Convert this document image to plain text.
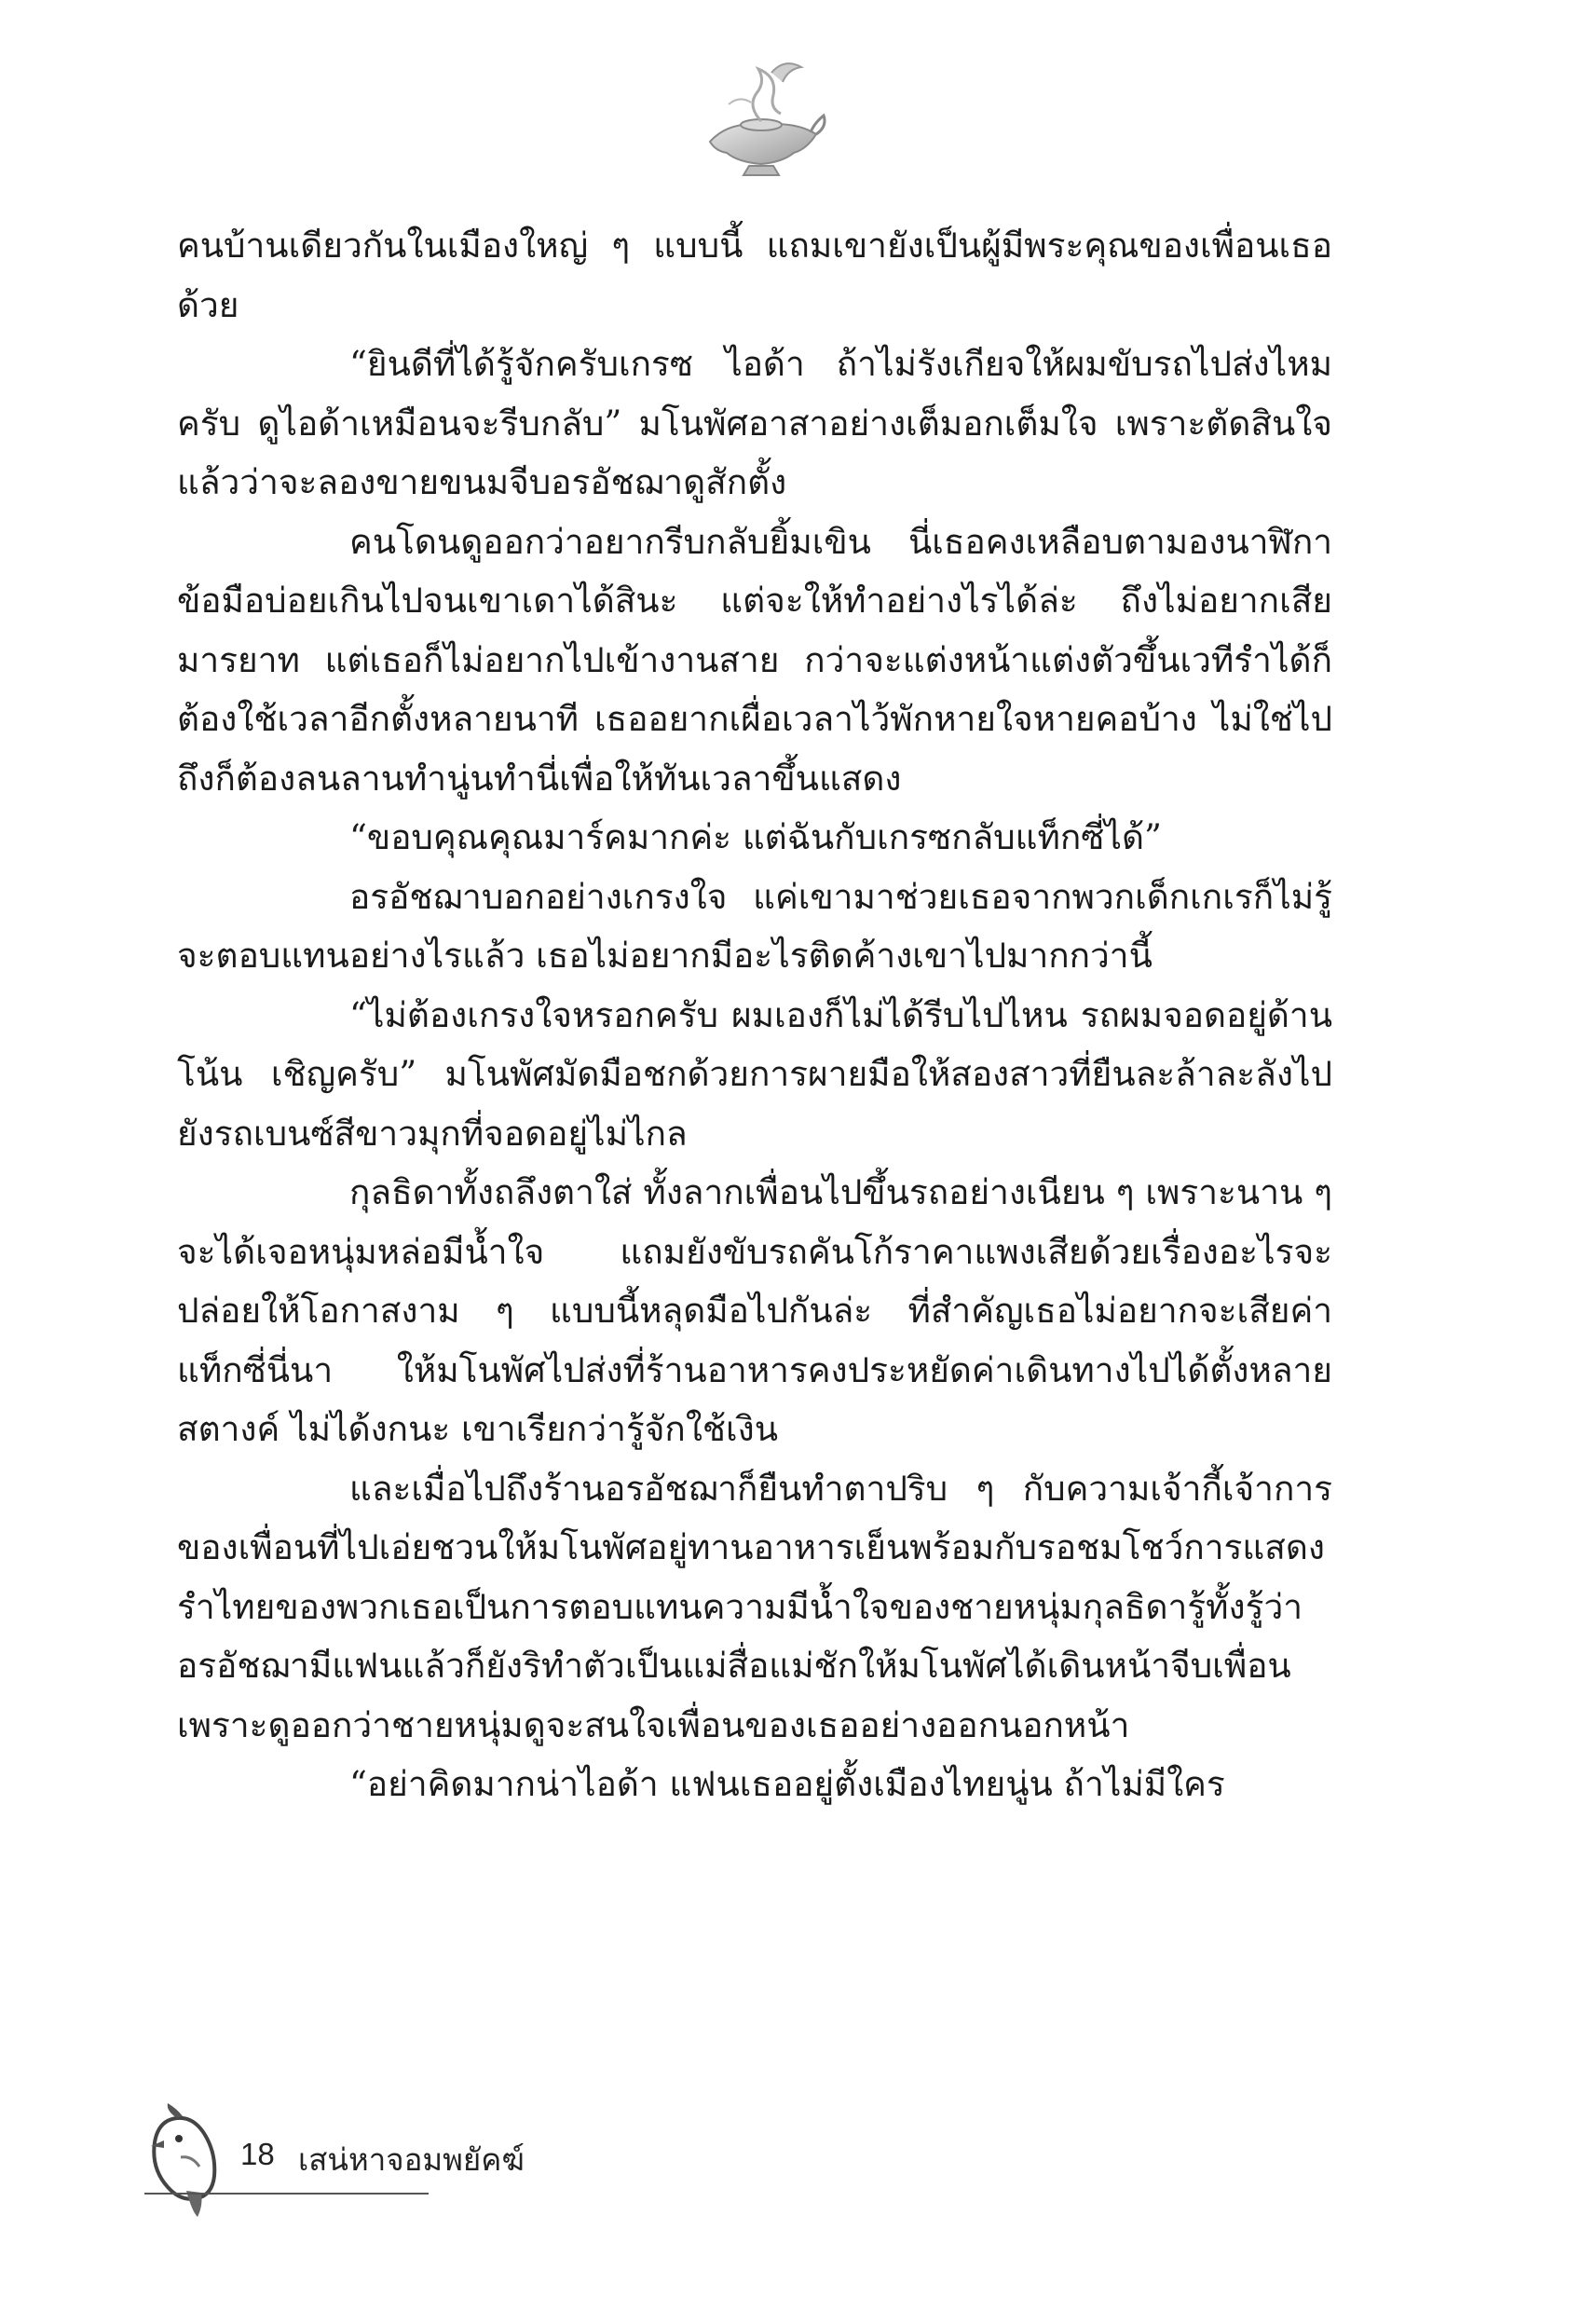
คนบ้านเดียวกันในเมืองใหญ่ ๆ แบบนี้ แถมเขายังเป็นผู้มีพระคุณของเพื่อนเธอด้วย

“ยินดีที่ได้รู้จักครับเกรซ ไอด้า ถ้าไม่รังเกียจให้ผมขับรถไปส่งไหมครับ ดูไอด้าเหมือนจะรีบกลับ” มโนพัศอาสาอย่างเต็มอกเต็มใจ เพราะตัดสินใจแล้วว่าจะลองขายขนมจีบอรอัชฌาดูสักตั้ง

คนโดนดูออกว่าอยากรีบกลับยิ้มเขิน นี่เธอคงเหลือบตามองนาฬิกาข้อมือบ่อยเกินไปจนเขาเดาได้สินะ แต่จะให้ทำอย่างไรได้ล่ะ ถึงไม่อยากเสียมารยาท แต่เธอก็ไม่อยากไปเข้างานสาย กว่าจะแต่งหน้าแต่งตัวขึ้นเวทีรำได้ก็ต้องใช้เวลาอีกตั้งหลายนาที เธออยากเผื่อเวลาไว้พักหายใจหายคอบ้าง ไม่ใช่ไปถึงก็ต้องลนลานทำนู่นทำนี่เพื่อให้ทันเวลาขึ้นแสดง

“ขอบคุณคุณมาร์คมากค่ะ แต่ฉันกับเกรซกลับแท็กซี่ได้”

อรอัชฌาบอกอย่างเกรงใจ แค่เขามาช่วยเธอจากพวกเด็กเกเรก็ไม่รู้จะตอบแทนอย่างไรแล้ว เธอไม่อยากมีอะไรติดค้างเขาไปมากกว่านี้

“ไม่ต้องเกรงใจหรอกครับ ผมเองก็ไม่ได้รีบไปไหน รถผมจอดอยู่ด้านโน้น เชิญครับ” มโนพัศมัดมือชกด้วยการผายมือให้สองสาวที่ยืนละล้าละลังไปยังรถเบนซ์สีขาวมุกที่จอดอยู่ไม่ไกล

กุลธิดาทั้งถลึงตาใส่ ทั้งลากเพื่อนไปขึ้นรถอย่างเนียน ๆ เพราะนาน ๆ จะได้เจอหนุ่มหล่อมีน้ำใจ แถมยังขับรถคันโก้ราคาแพงเสียด้วยเรื่องอะไรจะปล่อยให้โอกาสงาม ๆ แบบนี้หลุดมือไปกันล่ะ ที่สำคัญเธอไม่อยากจะเสียค่าแท็กซี่นี่นา ให้มโนพัศไปส่งที่ร้านอาหารคงประหยัดค่าเดินทางไปได้ตั้งหลายสตางค์ ไม่ได้งกนะ เขาเรียกว่ารู้จักใช้เงิน

และเมื่อไปถึงร้านอรอัชฌาก็ยืนทำตาปริบ ๆ กับความเจ้ากี้เจ้าการของเพื่อนที่ไปเอ่ยชวนให้มโนพัศอยู่ทานอาหารเย็นพร้อมกับรอชมโชว์การแสดงรำไทยของพวกเธอเป็นการตอบแทนความมีน้ำใจของชายหนุ่มกุลธิดารู้ทั้งรู้ว่าอรอัชฌามีแฟนแล้วก็ยังริทำตัวเป็นแม่สื่อแม่ชักให้มโนพัศได้เดินหน้าจีบเพื่อน เพราะดูออกว่าชายหนุ่มดูจะสนใจเพื่อนของเธออย่างออกนอกหน้า

“อย่าคิดมากน่าไอด้า แฟนเธออยู่ตั้งเมืองไทยนู่น ถ้าไม่มีใคร

18 เสน่หาจอมพยัคฆ์
